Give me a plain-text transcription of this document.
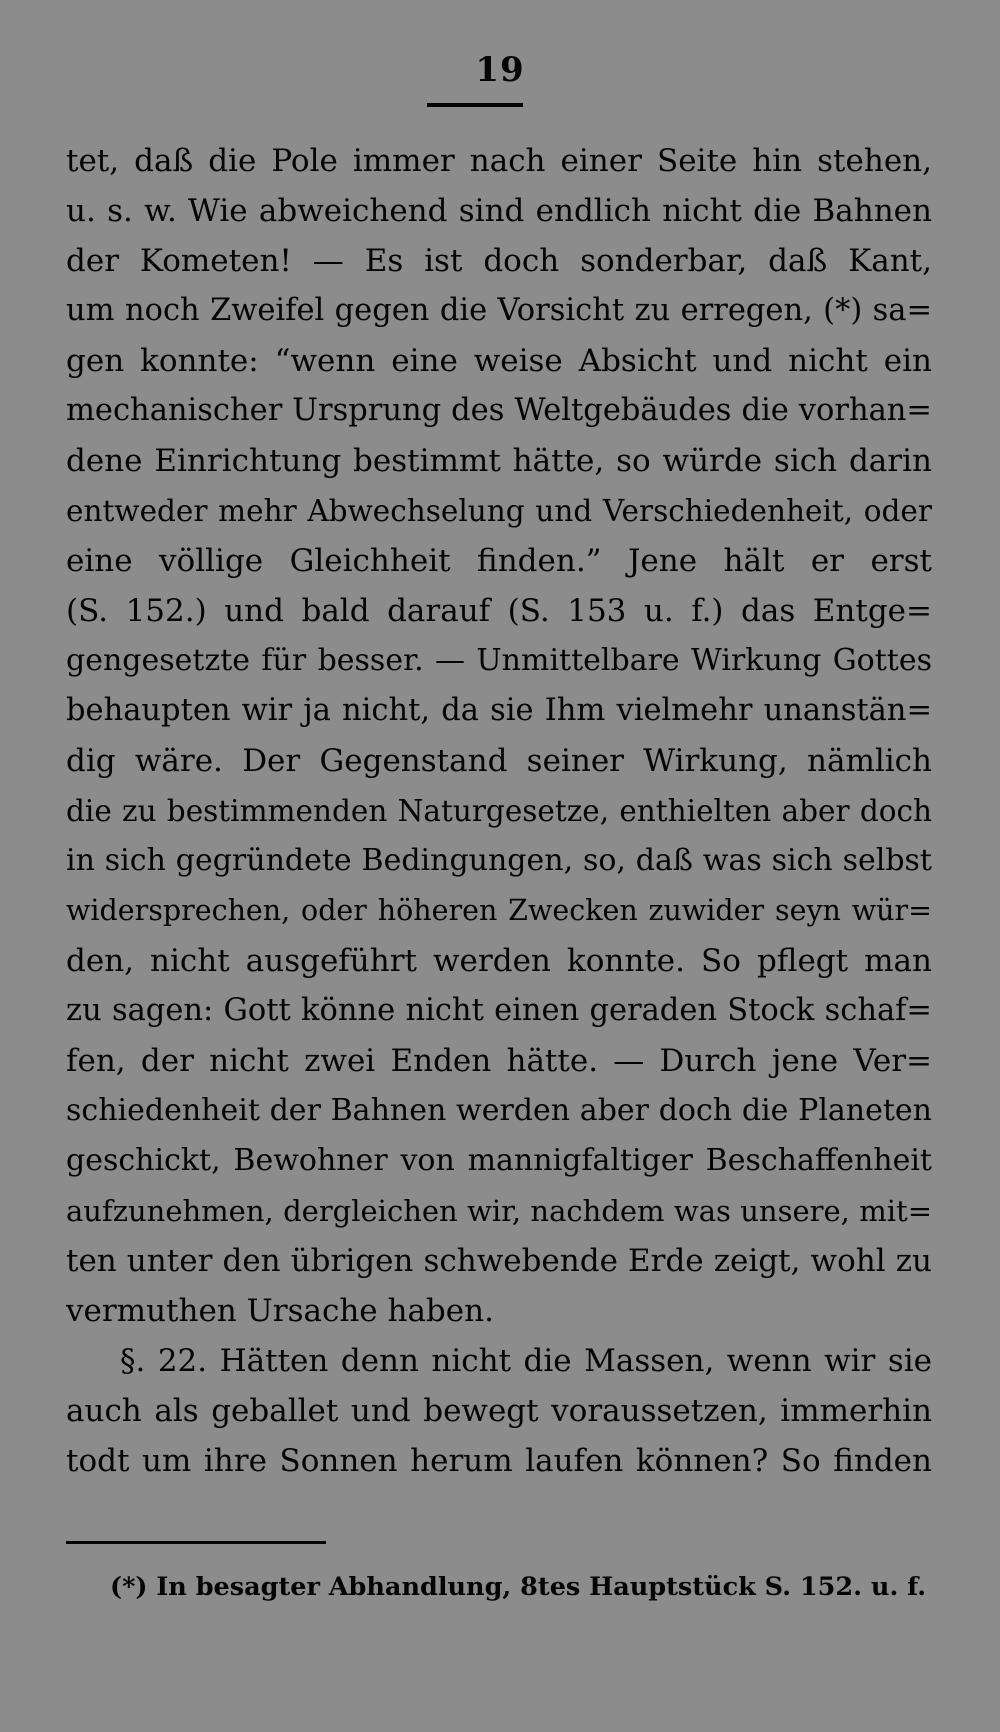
19
tet, daß die Pole immer nach einer Seite hin stehen,
u. s. w. Wie abweichend sind endlich nicht die Bahnen
der Kometen! — Es ist doch sonderbar, daß Kant,
um noch Zweifel gegen die Vorsicht zu erregen, (*) sa=
gen konnte: “wenn eine weise Absicht und nicht ein
mechanischer Ursprung des Weltgebäudes die vorhan=
dene Einrichtung bestimmt hätte, so würde sich darin
entweder mehr Abwechselung und Verschiedenheit, oder
eine völlige Gleichheit finden.” Jene hält er erst
(S. 152.) und bald darauf (S. 153 u. f.) das Entge=
gengesetzte für besser. — Unmittelbare Wirkung Gottes
behaupten wir ja nicht, da sie Ihm vielmehr unanstän=
dig wäre. Der Gegenstand seiner Wirkung, nämlich
die zu bestimmenden Naturgesetze, enthielten aber doch
in sich gegründete Bedingungen, so, daß was sich selbst
widersprechen, oder höheren Zwecken zuwider seyn wür=
den, nicht ausgeführt werden konnte. So pflegt man
zu sagen: Gott könne nicht einen geraden Stock schaf=
fen, der nicht zwei Enden hätte. — Durch jene Ver=
schiedenheit der Bahnen werden aber doch die Planeten
geschickt, Bewohner von mannigfaltiger Beschaffenheit
aufzunehmen, dergleichen wir, nachdem was unsere, mit=
ten unter den übrigen schwebende Erde zeigt, wohl zu
vermuthen Ursache haben.
§. 22. Hätten denn nicht die Massen, wenn wir sie
auch als geballet und bewegt voraussetzen, immerhin
todt um ihre Sonnen herum laufen können? So finden
(*) In besagter Abhandlung, 8tes Hauptstück S. 152. u. f.
